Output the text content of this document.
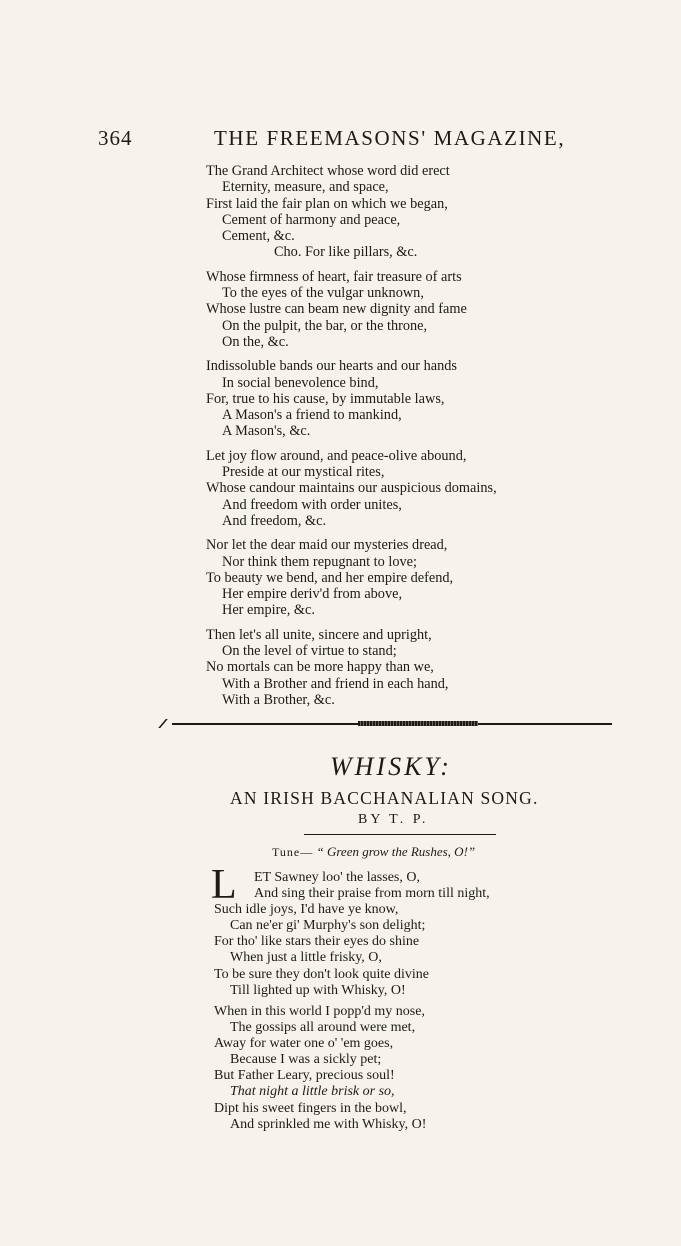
364	THE FREEMASONS' MAGAZINE,
The Grand Architect whose word did erect
Eternity, measure, and space,
First laid the fair plan on which we began,
Cement of harmony and peace,
Cement, &c.
Cho. For like pillars, &c.
Whose firmness of heart, fair treasure of arts
To the eyes of the vulgar unknown,
Whose lustre can beam new dignity and fame
On the pulpit, the bar, or the throne,
On the, &c.
Indissoluble bands our hearts and our hands
In social benevolence bind,
For, true to his cause, by immutable laws,
A Mason's a friend to mankind,
A Mason's, &c.
Let joy flow around, and peace-olive abound,
Preside at our mystical rites,
Whose candour maintains our auspicious domains,
And freedom with order unites,
And freedom, &c.
Nor let the dear maid our mysteries dread,
Nor think them repugnant to love;
To beauty we bend, and her empire defend,
Her empire deriv'd from above,
Her empire, &c.
Then let's all unite, sincere and upright,
On the level of virtue to stand;
No mortals can be more happy than we,
With a Brother and friend in each hand,
With a Brother, &c.
WHISKY:
AN IRISH BACCHANALIAN SONG.
BY T. P.
Tune— “ Green grow the Rushes, O!”
L	ET Sawney loo' the lasses, O,
And sing their praise from morn till night,
Such idle joys, I'd have ye know,
Can ne'er gi' Murphy's son delight;
For tho' like stars their eyes do shine
When just a little frisky, O,
To be sure they don't look quite divine
Till lighted up with Whisky, O!
When in this world I popp'd my nose,
The gossips all around were met,
Away for water one o' 'em goes,
Because I was a sickly pet;
But Father Leary, precious soul!
That night a little brisk or so,
Dipt his sweet fingers in the bowl,
And sprinkled me with Whisky, O!
